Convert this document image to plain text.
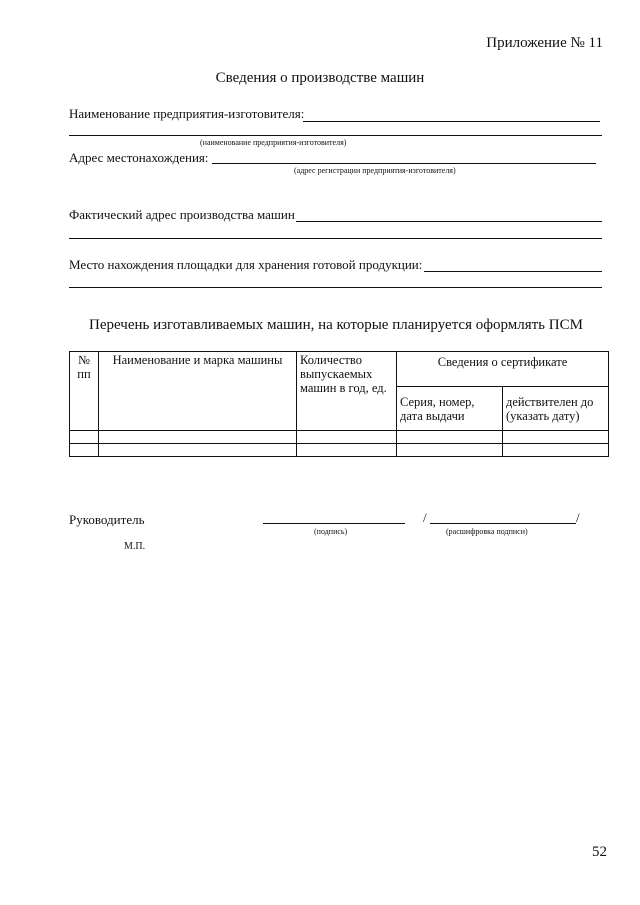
Приложение № 11
Сведения о производстве машин
Наименование предприятия-изготовителя:
(наименование предприятия-изготовителя)
Адрес местонахождения:
(адрес регистрации предприятия-изготовителя)
Фактический адрес производства машин
Место нахождения площадки для хранения готовой продукции:
Перечень изготавливаемых машин, на которые планируется оформлять ПСМ
№ пп	Наименование и марка машины	Количество выпускаемых машин в год, ед.	Сведения о сертификате	
			Серия, номер, дата выдачи	действителен до (указать дату)

Руководитель
(подпись)
/	/
(расшифровка подписи)
М.П.
52
